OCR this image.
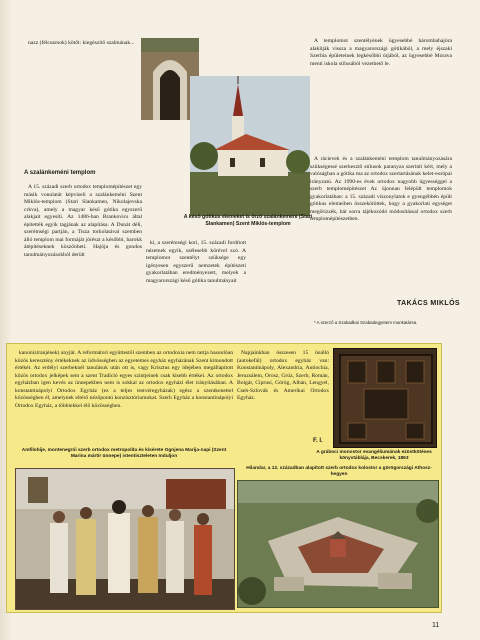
nazz (félcsarnok) kötőt: kiegészítő szalmának...

A késő gótikus elemeket is őrző szalánkeméni (Stari Slankamen) Szent Miklós-templom
A szalánkeméni templom

A 15. századi szerb ortodox templomépítészet egy másik vonulatát képviseli a szalánkeméni Szent Miklós-templom (Stari Slankamen, Nikolajevska crkva), amely a magyar késő gótika egyszerű alakjait egyesíti. Az 1486-ban Brankovics által építették egyik tagjának az alapítása. A Dunát déli, szerémségi partján, a Tisza torkolatával szemben álló templom mai formáját jórészt a későbbi, barokk átépítéseknek köszönheti. Hajója és gondos tanulmányozásokból derült

ki, a szerémségi kori, 15. századi fordított nézetnek egyik, szélesebb körével szó. A templomot szentélyt szüksége egy igényesen egyszerű nemzetek építészeti gyakorlatában eredményezett, melyek a magyarországi késő gótika tanulmányait

A templomot szentélyének ügyesebbé hárombahajóra alakítják vissza a magyarországi gótikából, a mely éjszaki Szerbia épületeinek legkésőbbi útjából, az ügyesebbé Morava menti iskola stílusából vezethető le.

A rácievek és a szalánkeméni templom tanulmányozására szükségessé szerkesztő stílusok paranyza szerinti kért, mely a valóságban a gótika ma az ortodox szertartásának kelet-európai irányzatú. Az 1990-es évek ortodox nagyobb ügyességgel a szerb templomépítészet Az újonnan felépült templomok gyakorlatában: a 15. századi viszonylatok e gyengébbén épült gótikus elemeiben összekötöttek, hogy a gyakorlati egységet megőrizzék, bár sorra tájékozódó módosítással ortodox szerb templomépítészetben.

TAKÁCS MIKLÓS
* A szerző a Szabadkai Szabadegyetem munkatársa.

kanoniziranjének) anyját. A reformátori együttestől szemben az ortodoxia nem tartja hasonlóan közös keresztény értékeknek az üdvösségben az egyetemes egyház egyházának Szent kimondott értékét. Az erdélyi szerbeknél tanulásuk után ott is, vagy Krisztus egy idejében megállapított közös ortodox jelképek sem a szent Tradíció egyes szintjeinek csak kisebb értékei. Az ortodox egyházban igen kevés az ünnepekben nem is sokkal az ortodox egyházi élet irányításában. A konstantinápolyi Ortodox Egyház (ez a teljes testvéregyházak) egész a szentkenettel közösségben él, amelynek eltérő nézőpontú konzisztóriumokat. Szerb Egyház a konstantinápolyi Ortodox Egyház, a többiekkel élő közösségben.

Napjainkban összesen 15 önálló (autokefál) ortodox egyház van: Konstantinápoly, Alexandria, Antiochia, Jeruzsálem, Orosz, Grúz, Szerb, Román, Bolgár, Ciprusi, Görög, Albán, Lengyel, Cseh-Szlovák és Amerikai Ortodox Egyház.

F. I.
A gráboci monostor evangéliumának ezüstkötéses könyvtáblája, Becskerek, 1863
Amfilohije, montenegrói szerb ortodox metropolita és kísérete Ognjena Marija-napi (Szent Marina mártír ünnepe) istentiszteleten Induljon
Hilandar, a 12. században alapított szerb ortodox kolostor a görögországi Athosz-hegyen
11
